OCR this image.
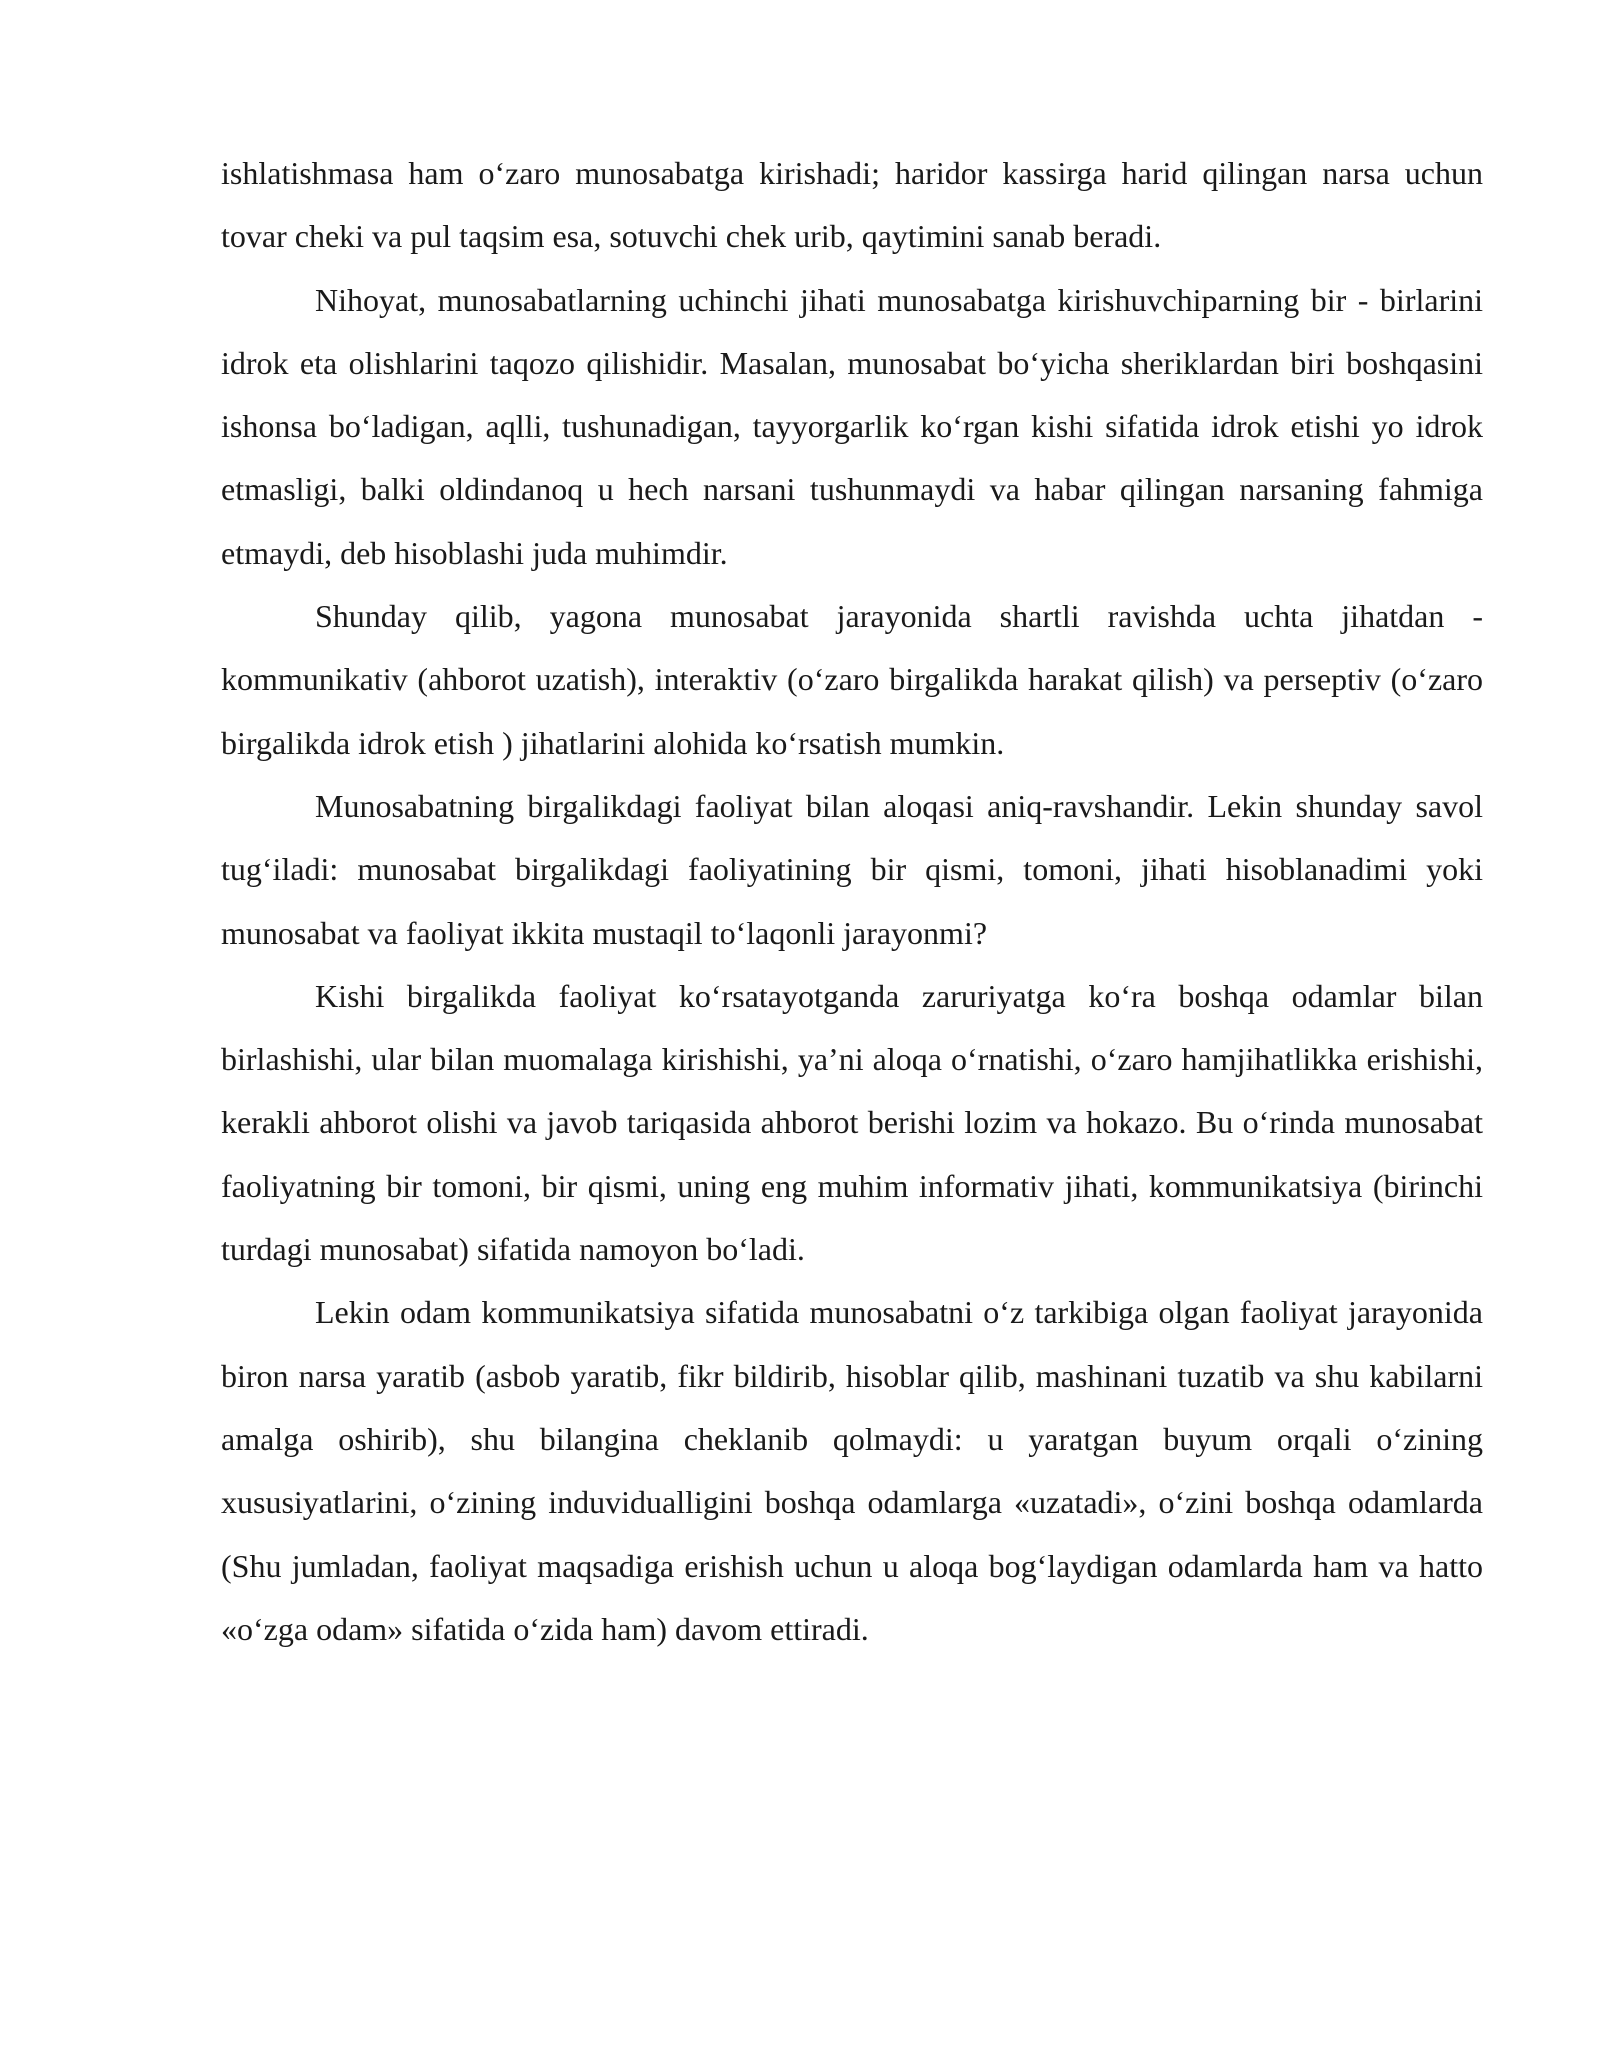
ishlatishmasa ham o‘zaro munosabatga kirishadi; haridor kassirga harid qilingan narsa uchun tovar cheki va pul taqsim esa, sotuvchi chek urib, qaytimini sanab beradi.

Nihoyat, munosabatlarning uchinchi jihati munosabatga kirishuvchiparning bir - birlarini idrok eta olishlarini taqozo qilishidir. Masalan, munosabat bo‘yicha sheriklardan biri boshqasini ishonsa bo‘ladigan, aqlli, tushunadigan, tayyorgarlik ko‘rgan kishi sifatida idrok etishi yo idrok etmasligi, balki oldindanoq u hech narsani tushunmaydi va habar qilingan narsaning fahmiga etmaydi, deb hisoblashi juda muhimdir.

Shunday qilib, yagona munosabat jarayonida shartli ravishda uchta jihatdan - kommunikativ (ahborot uzatish), interaktiv (o‘zaro birgalikda harakat qilish) va perseptiv (o‘zaro birgalikda idrok etish ) jihatlarini alohida ko‘rsatish mumkin.

Munosabatning birgalikdagi faoliyat bilan aloqasi aniq-ravshandir. Lekin shunday savol tug‘iladi: munosabat birgalikdagi faoliyatining bir qismi, tomoni, jihati hisoblanadimi yoki munosabat va faoliyat ikkita mustaqil to‘laqonli jarayonmi?

Kishi birgalikda faoliyat ko‘rsatayotganda zaruriyatga ko‘ra boshqa odamlar bilan birlashishi, ular bilan muomalaga kirishishi, ya’ni aloqa o‘rnatishi, o‘zaro hamjihatlikka erishishi, kerakli ahborot olishi va javob tariqasida ahborot berishi lozim va hokazo. Bu o‘rinda munosabat faoliyatning bir tomoni, bir qismi, uning eng muhim informativ jihati, kommunikatsiya (birinchi turdagi munosabat) sifatida namoyon bo‘ladi.

Lekin odam kommunikatsiya sifatida munosabatni o‘z tarkibiga olgan faoliyat jarayonida biron narsa yaratib (asbob yaratib, fikr bildirib, hisoblar qilib, mashinani tuzatib va shu kabilarni amalga oshirib), shu bilangina cheklanib qolmaydi: u yaratgan buyum orqali o‘zining xususiyatlarini, o‘zining induvidualligini boshqa odamlarga «uzatadi», o‘zini boshqa odamlarda (Shu jumladan, faoliyat maqsadiga erishish uchun u aloqa bog‘laydigan odamlarda ham va hatto «o‘zga odam» sifatida o‘zida ham) davom ettiradi.
